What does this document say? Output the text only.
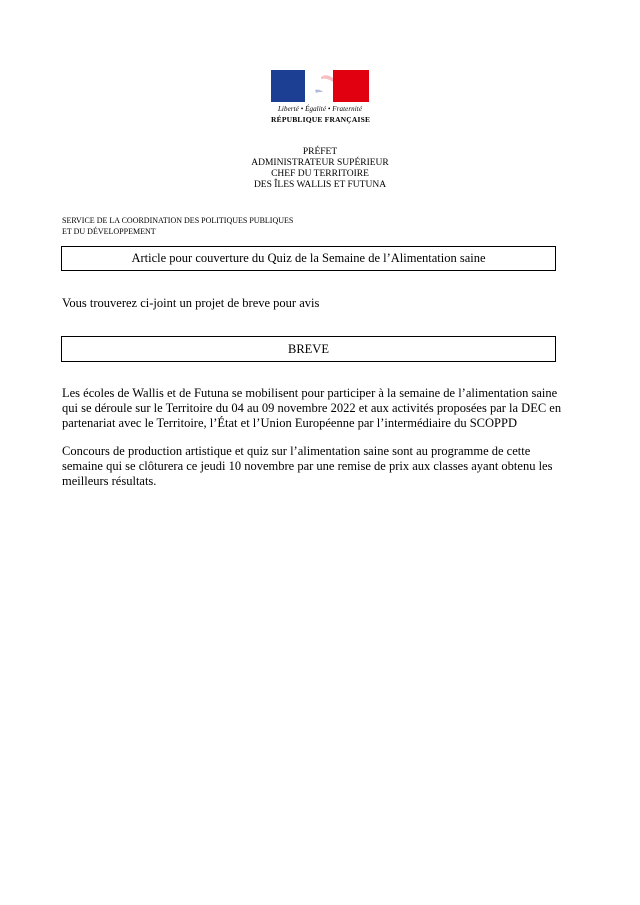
Liberté • Égalité • Fraternité
RÉPUBLIQUE FRANÇAISE
PRÉFET
ADMINISTRATEUR SUPÉRIEUR
CHEF DU TERRITOIRE
DES ÎLES WALLIS ET FUTUNA
SERVICE DE LA COORDINATION DES POLITIQUES PUBLIQUES
ET DU DÉVELOPPEMENT
Article pour couverture du Quiz de la Semaine de l’Alimentation saine
Vous trouverez ci-joint un projet de breve pour avis
BREVE
Les écoles de Wallis et de Futuna se mobilisent pour participer à la semaine de l’alimentation saine
qui se déroule sur le Territoire du 04 au 09 novembre 2022 et aux activités proposées par la DEC en
partenariat avec le Territoire, l’État et l’Union Européenne par l’intermédiaire du SCOPPD
Concours de production artistique et quiz sur l’alimentation saine sont au programme de cette
semaine qui se clôturera ce jeudi 10 novembre par une remise de prix aux classes ayant obtenu les
meilleurs résultats.
